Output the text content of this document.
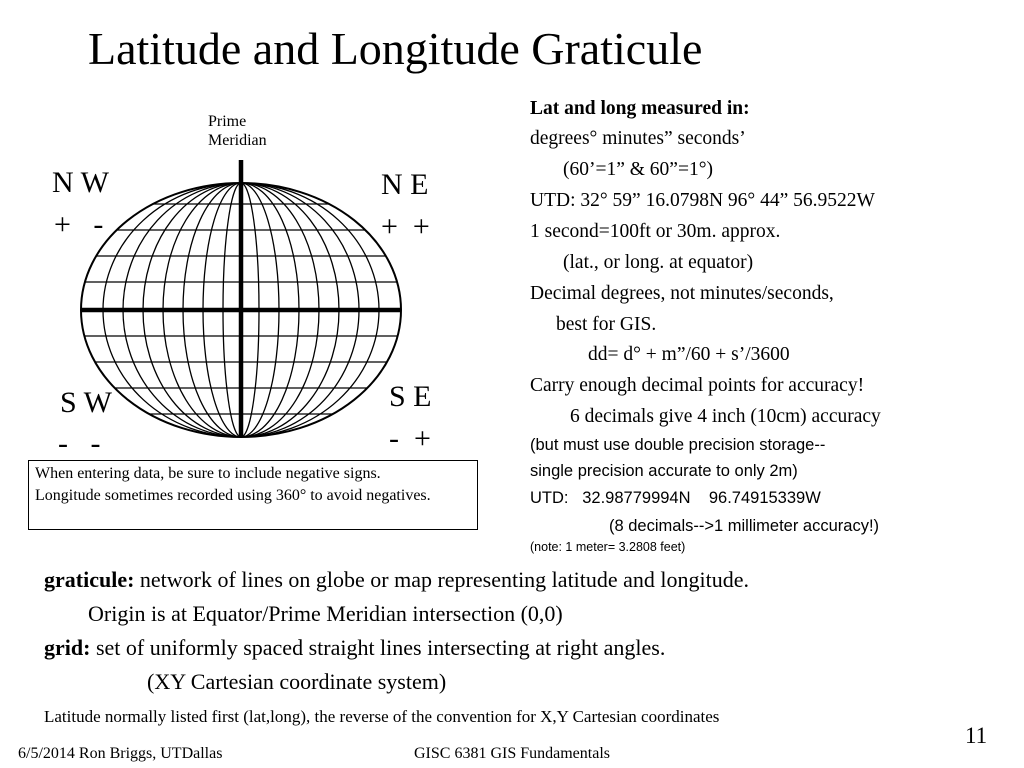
Latitude and Longitude Graticule
Prime
Meridian
N W
+   -
N E
+  +
S W
-   -
S E
-  +
When entering data, be sure to include negative signs.
Longitude sometimes recorded using 360° to avoid negatives.
Lat and long measured in:
degrees° minutes” seconds’
(60’=1” & 60”=1°)
UTD: 32° 59” 16.0798N 96° 44” 56.9522W
1 second=100ft or 30m. approx.
(lat., or long. at equator)
Decimal degrees, not minutes/seconds,
best for GIS.
dd= d° + m”/60 + s’/3600
Carry enough decimal points for accuracy!
6 decimals give 4 inch (10cm) accuracy
(but must use double precision storage--
single precision accurate to only 2m)
UTD:   32.98779994N    96.74915339W
(8 decimals-->1 millimeter accuracy!)
(note: 1 meter= 3.2808 feet)
graticule: network of lines on globe or map representing latitude and longitude.
Origin is at Equator/Prime Meridian intersection (0,0)
grid: set of uniformly spaced straight lines intersecting at right angles.
(XY Cartesian coordinate system)
Latitude normally listed first (lat,long), the reverse of the convention for X,Y Cartesian coordinates
11
6/5/2014 Ron Briggs, UTDallas	GISC 6381 GIS Fundamentals
